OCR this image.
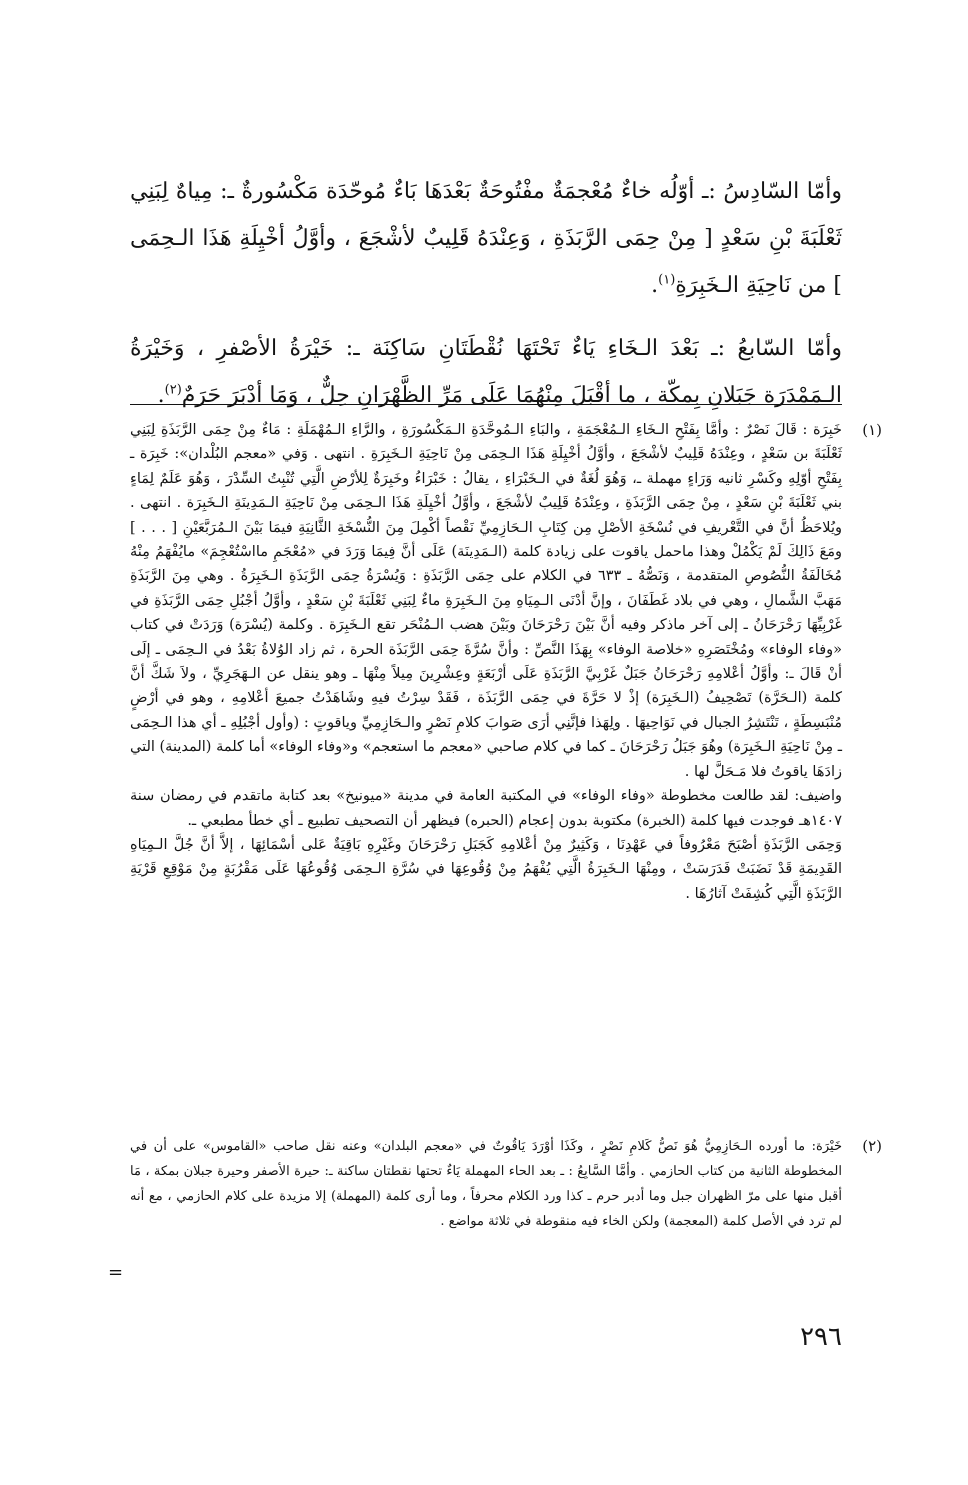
وأمّا السّادِسُ :ـ أوّلُه خاءٌ مُعْجمَةٌ مفْتُوحَةٌ بَعْدَهَا بَاءٌ مُوحّدَة مَكْسُورةٌ ـ: مِياهٌ لِبَنِي ثَعْلَبَةَ بْنِ سَعْدٍ [ مِنْ حِمَى الرَّبَذَةِ ، وَعِنْدَهُ قَلِيبٌ لأشْجَعَ ، وأوَّلُ أخْيِلَةِ هَذَا الـحِمَى ] من نَاحِيَةِ الـخَبِرَةِ$^{(١)}$.

وأمّا السّابعُ :ـ بَعْدَ الـخَاءِ يَاءٌ تَحْتَهَا نُقْطَتَانِ سَاكِنَة ـ: خَيْرَةُ الأصْفرِ ، وَخَيْرَةُ الـمَمْدَرَة جَبَلانِ بِمكّة ، ما أقْبَلَ مِنْهُمَا عَلَى مَرِّ الظَّهْرَانِ حِلٌّ ، وَمَا أدْبَرَ حَرَمٌ$^{(٢)}$.

(١)

خَبِرَة : قَالَ نَصْرٌ : وأمَّا بِفَتْحِ الـخَاءِ الـمُعْجَمَةِ ، والبَاءِ الـمُوحَّدَةِ الـمَكْسُورَةِ ، والرَّاءِ الـمُهْمَلَةِ : مَاءٌ مِنْ حِمَى الرَّبَذَةِ لِبَنِي ثَعْلَبَةَ بن سَعْدٍ ، وعِنْدَهُ قَلِيبٌ لأشْجَعَ ، وأوَّلُ أخْيِلَةِ هَذَا الـحِمَى مِنْ نَاحِيَةِ الـخَبِرَةِ . انتهى . وَفي «معجم البُلْدان»: خَبِرَة ـ بِفَتْحِ أوّلِهِ وكَسْرِ ثانيه وَرَاءٍ مهملة ـ، وَهُوَ لُغَةٌ في الـخَبْرَاءِ ، يقالُ : خَبْرَاءُ وخَبِرَةٌ لِلأرْضِ الَّتِي تُنْبِتُ السِّدْرَ ، وَهُوَ عَلَمٌ لِمَاءٍ بني ثَعْلَبَةَ بْنِ سَعْدٍ ، مِنْ حِمَى الرَّبَذَةِ ، وعِنْدَهُ قَلِيبٌ لأشْجَعَ ، وأوَّلُ أخْيِلَةِ هَذَا الـحِمَى مِنْ نَاحِيَةِ الـمَدِينَةِ الـخَبِرَة . انتهى . ويُلاحَظُ أنَّ في التَّعْريفِ في نُسْخَةِ الأصْلِ مِن كِتَابِ الـحَازِمِيِّ نَقْصاً أكْمِلَ مِنَ النُّسْخَةِ الثَّانِيَةِ فيمَا بَيْنَ الـمُرَبَّعَيْنِ [ . . . ] ومَعَ ذَالِكَ لَمْ يَكْمُلْ وهذا ماحمل ياقوت على زيادة كلمة (الـمَدِينَة) عَلَى أنَّ فِيمَا وَرَدَ في «مُعْجَمِ مااسْتُعْجِمَ» مايُفْهَمُ مِنْهُ مُخَالَفَةُ النُّصُوصِ المتقدمة ، وَنَصُّهُ ـ ٦٣٣ في الكلام على حِمَى الرَّبَذَةِ : وَيُسْرَةُ حِمَى الرَّبَذَةِ الـخَبِرَةُ . وهي مِنَ الرَّبَذَةِ مَهَبَّ الشَّمالِ ، وهي في بلاد غَطَفَانَ ، وإنَّ أدْنَى الـمِيَاهِ مِنَ الـخَبِرَةِ ماءٌ لِبَنِي ثَعْلَبَةَ بْنِ سَعْدٍ ، وأوَّلُ أجْبُلِ حِمَى الرَّبَذَةِ في غَرْبِيِّهَا رَحْرَحَانُ ـ إلى آخر ماذكر وفيه أنَّ بَيْنَ رَحْرَحَانَ وبَيْنَ هضب الـمُنْحَر تقع الـخَبِرَة . وكلمة (يُسْرَة) وَرَدَتْ في كتاب «وفاء الوفاء» ومُخْتَصَرِهِ «خلاصة الوفاء» بِهَذَا النَّصِّ : وأنَّ سُرَّةَ حِمَى الرَّبَذَة الحرة ، ثم زاد الوُلاةُ بَعْدُ في الـحِمَى ـ إلَى أنْ قَالَ ـ: وأوَّلُ أعْلامِهِ رَحْرَحَانُ جَبَلٌ غَرْبِيَّ الرَّبَذَةِ عَلَى أرْبَعَةٍ وعِشْرِينَ مِيلاً مِنْهَا ـ وهو ينقل عن الـهَجَرِيِّ ، ولاَ شَكَّ أنَّ كلمة (الـحَرَّة) تَصْحِيفُ (الـخَبِرَة) إذْ لا حَرَّةَ في حِمَى الرَّبَذَة ، فَقَدْ سِرْتُ فيهِ وشَاهَدْتُ جميعَ أعْلامِهِ ، وهو في أرْضٍ مُنْبَسِطَةٍ ، تَنْتَشِرُ الجبال في نَوَاحِيهَا . ولِهَذا فإنَّنِي أرَى صَوابَ كلامِ نَصْرٍ والـحَازِمِيِّ وياقوتٍ : (وأول أجْبُلِهِ ـ أي هذا الـحِمَى ـ مِنْ نَاحِيَةِ الـخَبِرَة) وهُوَ جَبَلُ رَحْرَحَانَ ـ كما في كلام صاحبي «معجم ما استعجم» و«وفاء الوفاء» أما كلمة (المدينة) التي زادَهَا ياقوتُ فلا مَـحَلَّ لها .

واضيف: لقد طالعت مخطوطة «وفاء الوفاء» في المكتبة العامة في مدينة «ميونيخ» بعد كتابة ماتقدم في رمضان سنة ١٤٠٧هـ فوجدت فيها كلمة (الخبرة) مكتوبة بدون إعجام (الحبره) فيظهر أن التصحيف تطبيع ـ أي خطأ مطبعي ـ.

وَحِمَى الرَّبَذَةِ أصْبَحَ مَعْرُوفاً في عَهْدِنَا ، وَكَثِيرٌ مِنْ أعْلامِهِ كَجَبَلِ رَحْرَحَانَ وغَيْرِهِ بَاقِيَةٌ عَلى أسْمَائِهَا ، إلاَّ أنَّ جُلَّ الـمِيَاهِ القَدِيمَةِ قَدْ نَضَبَتْ فَدَرَسَتْ ، ومِنْهَا الـخَبِرَةُ الَّتِي يُفْهَمُ مِنْ وُقُوعِهَا في سُرَّةِ الـحِمَى وُقُوعُهَا عَلَى مَقْرُبَةٍ مِنْ مَوْقِعِ قَرْيَةِ الرَّبَذَةِ الَّتِي كُشِفَتْ آثارُهَا .

(٢)

خَيْرَة: ما أورده الـحَازِمِيُّ هُوَ نَصُّ كَلامِ نَصْرٍ ، وكَذَا أوْرَدَ يَاقُوتٌ في «معجم البلدان» وعنه نقل صاحب «القاموس» على أن في المخطوطة الثانية من كتاب الحازمي . وأمَّا السَّابِعُ : ـ بعد الحاء المهملة يَاءٌ تحتها نقطتان ساكنة ـ: حيرة الأصفر وحيرة جبلان بمكة ، مَا أقبل منها على مرّ الظهران جبل وما أدبر حرم ـ كذا ورد الكلام محرفاً ، وما أرى كلمة (المهملة) إلا مزيدة على كلام الحازمي ، مع أنه لم ترد في الأصل كلمة (المعجمة) ولكن الخاء فيه منقوطة في ثلاثة مواضع .

=
٢٩٦
